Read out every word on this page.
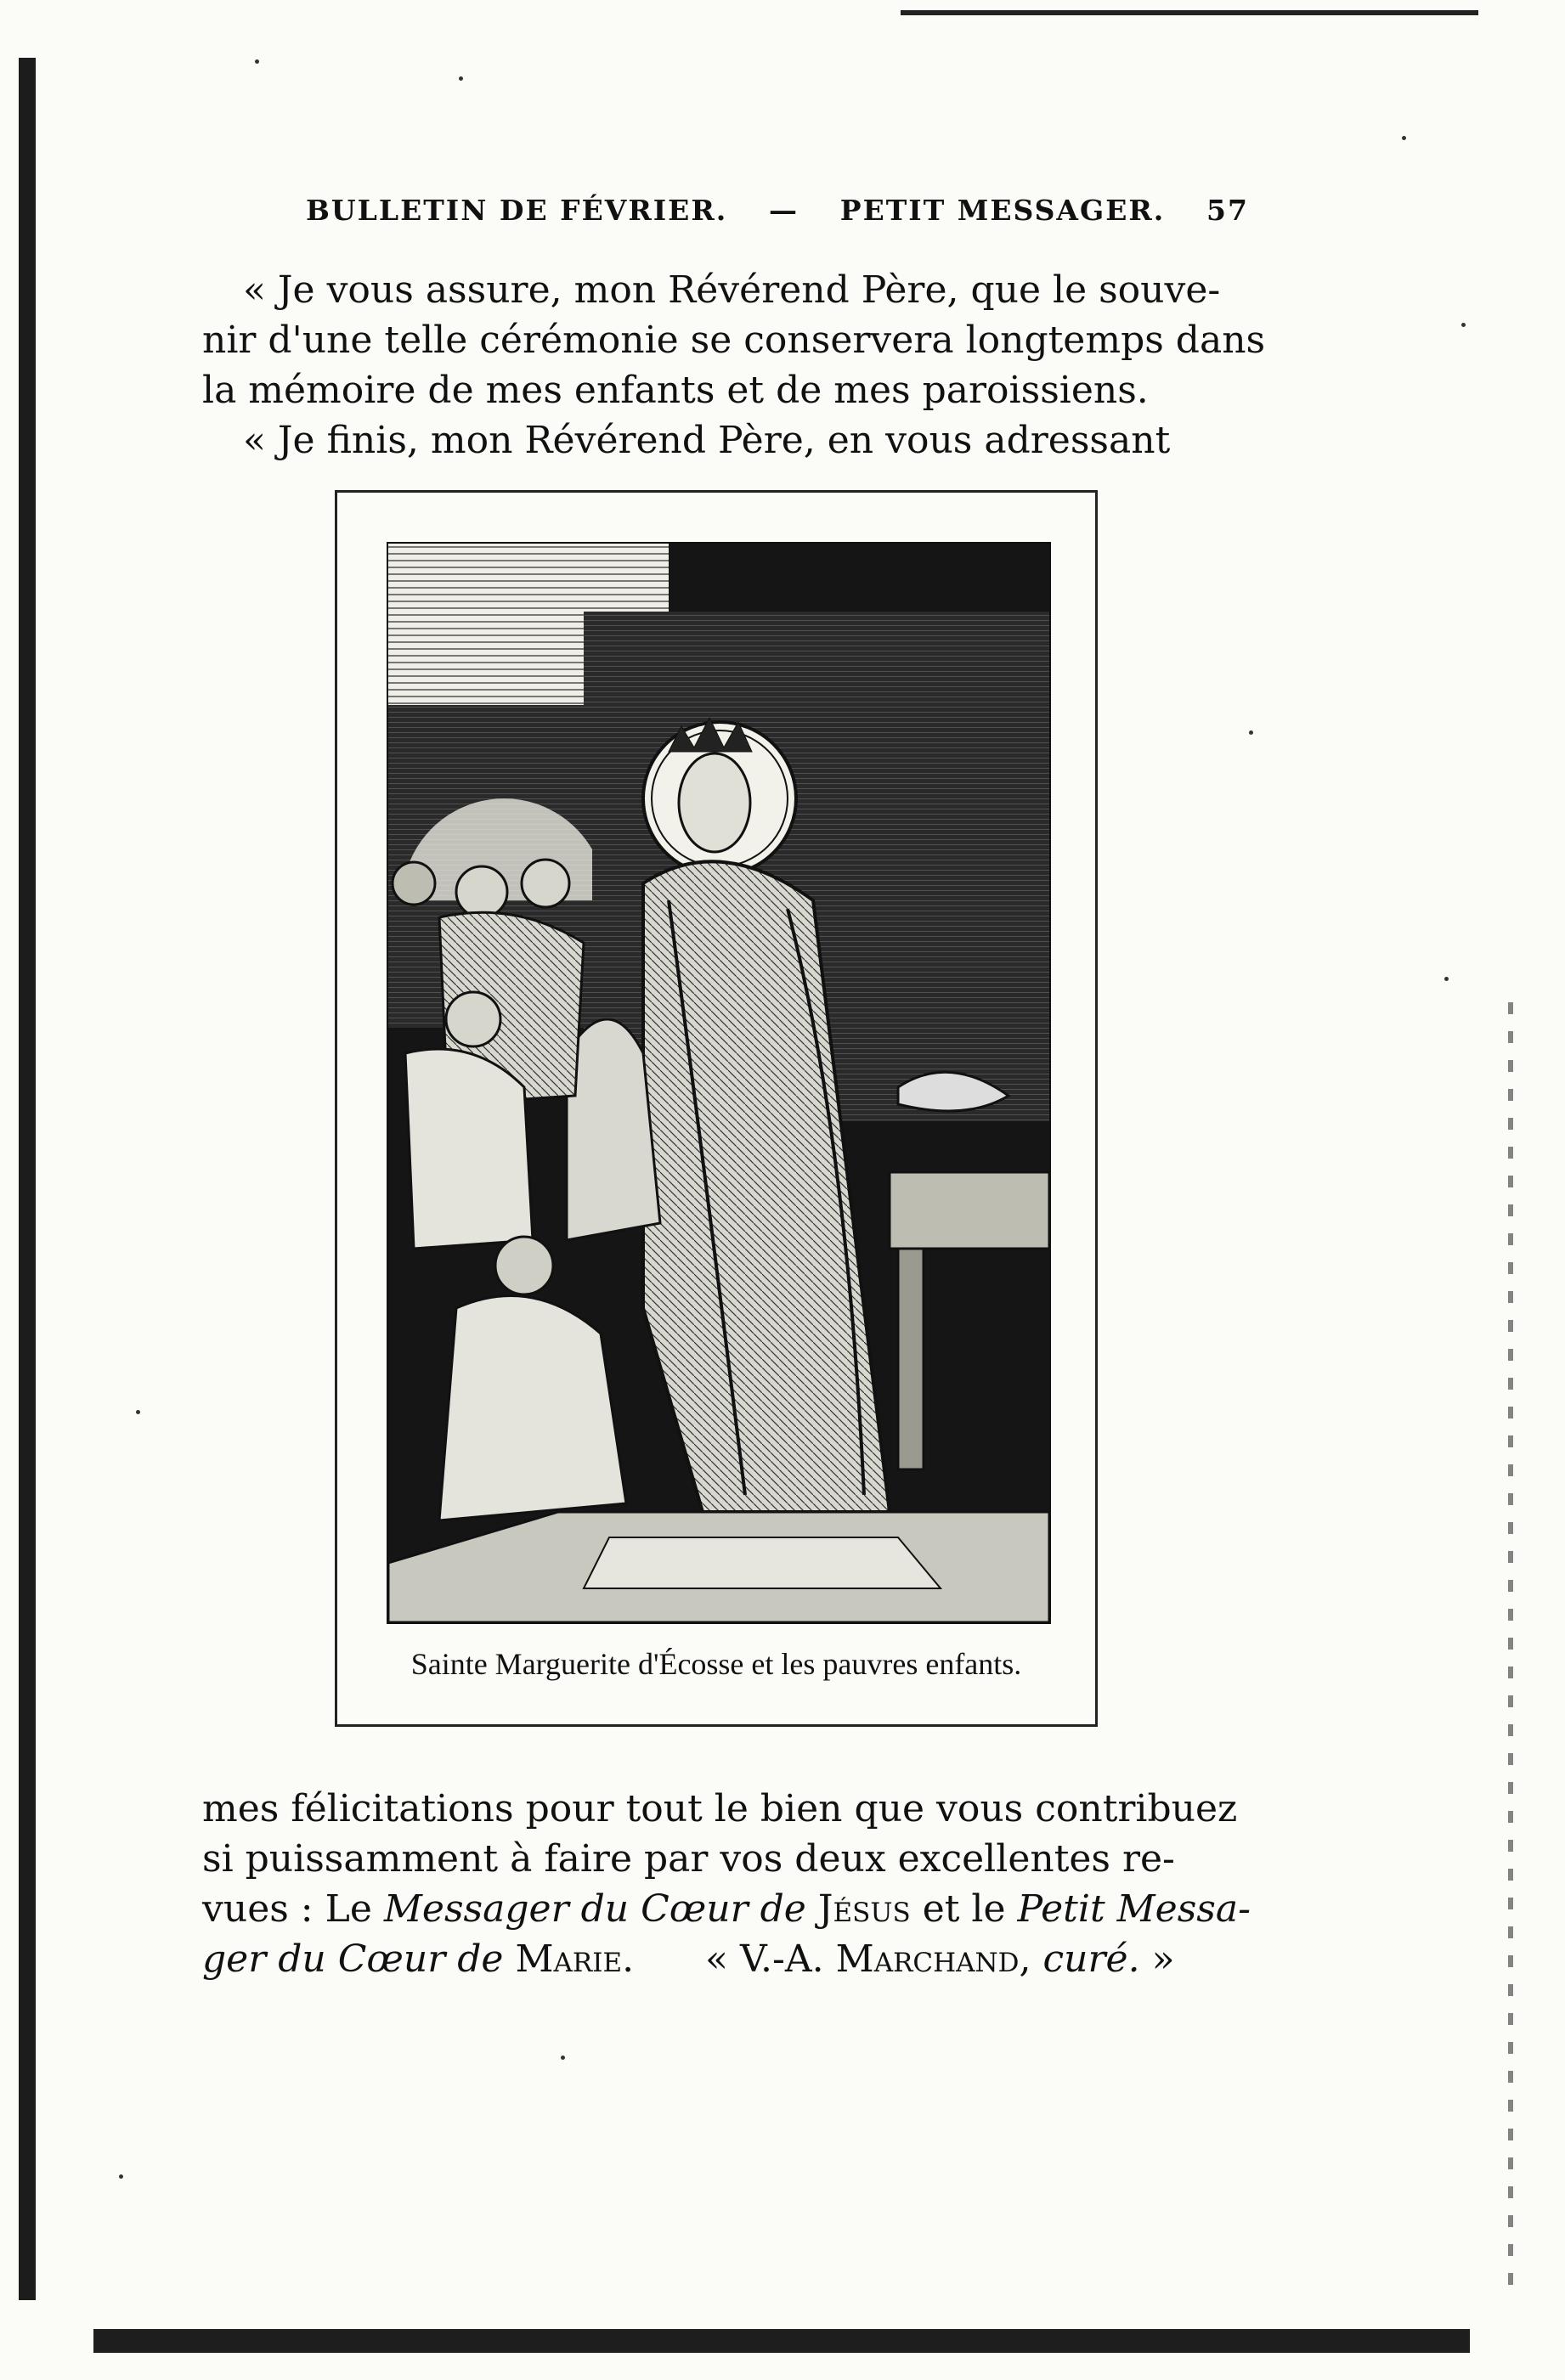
BULLETIN DE FÉVRIER. — PETIT MESSAGER. 57
« Je vous assure, mon Révérend Père, que le souve-
nir d'une telle cérémonie se conservera longtemps dans
la mémoire de mes enfants et de mes paroissiens.
« Je finis, mon Révérend Père, en vous adressant
Sainte Marguerite d'Écosse et les pauvres enfants.
mes félicitations pour tout le bien que vous contribuez
si puissamment à faire par vos deux excellentes re-
vues : Le Messager du Cœur de Jésus et le Petit Messa-
ger du Cœur de Marie. « V.-A. Marchand, curé. »
